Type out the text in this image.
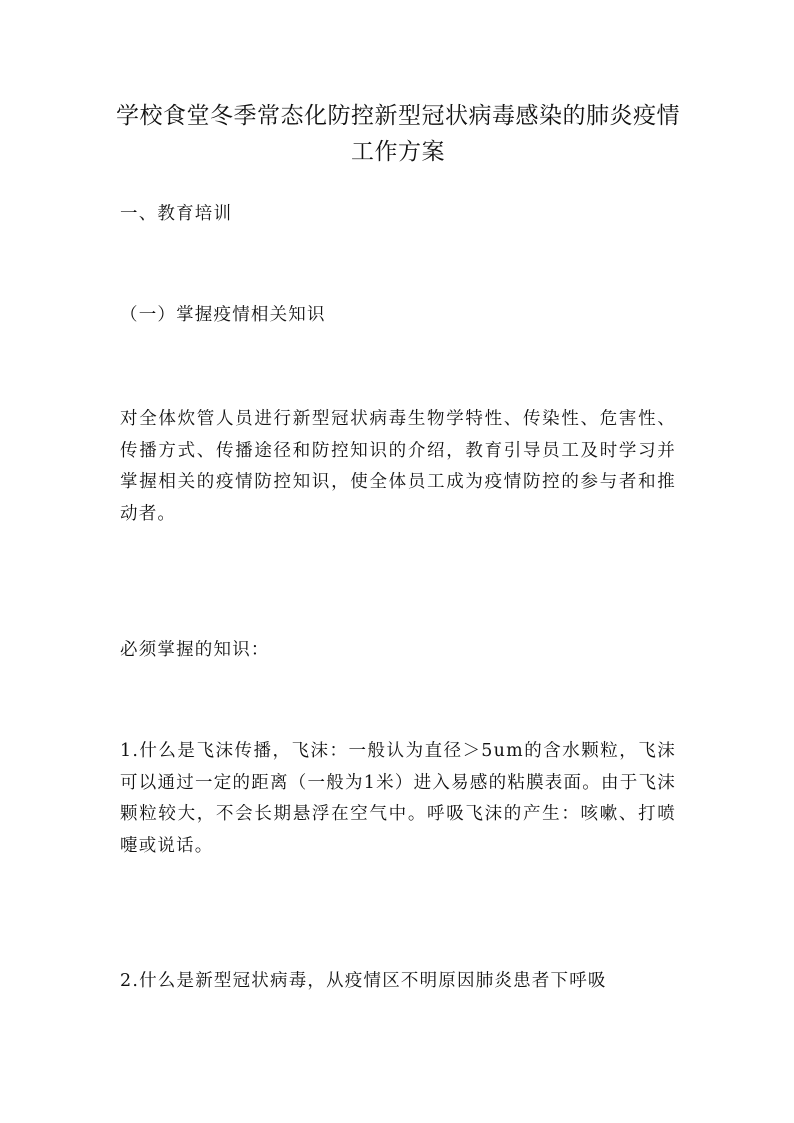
学校食堂冬季常态化防控新型冠状病毒感染的肺炎疫情工作方案
一、教育培训
（一）掌握疫情相关知识
对全体炊管人员进行新型冠状病毒生物学特性、传染性、危害性、传播方式、传播途径和防控知识的介绍，教育引导员工及时学习并掌握相关的疫情防控知识，使全体员工成为疫情防控的参与者和推动者。
必须掌握的知识：
1.什么是飞沫传播，飞沫：一般认为直径＞5um的含水颗粒，飞沫可以通过一定的距离（一般为1米）进入易感的粘膜表面。由于飞沫颗粒较大，不会长期悬浮在空气中。呼吸飞沫的产生：咳嗽、打喷嚏或说话。
2.什么是新型冠状病毒，从疫情区不明原因肺炎患者下呼吸
